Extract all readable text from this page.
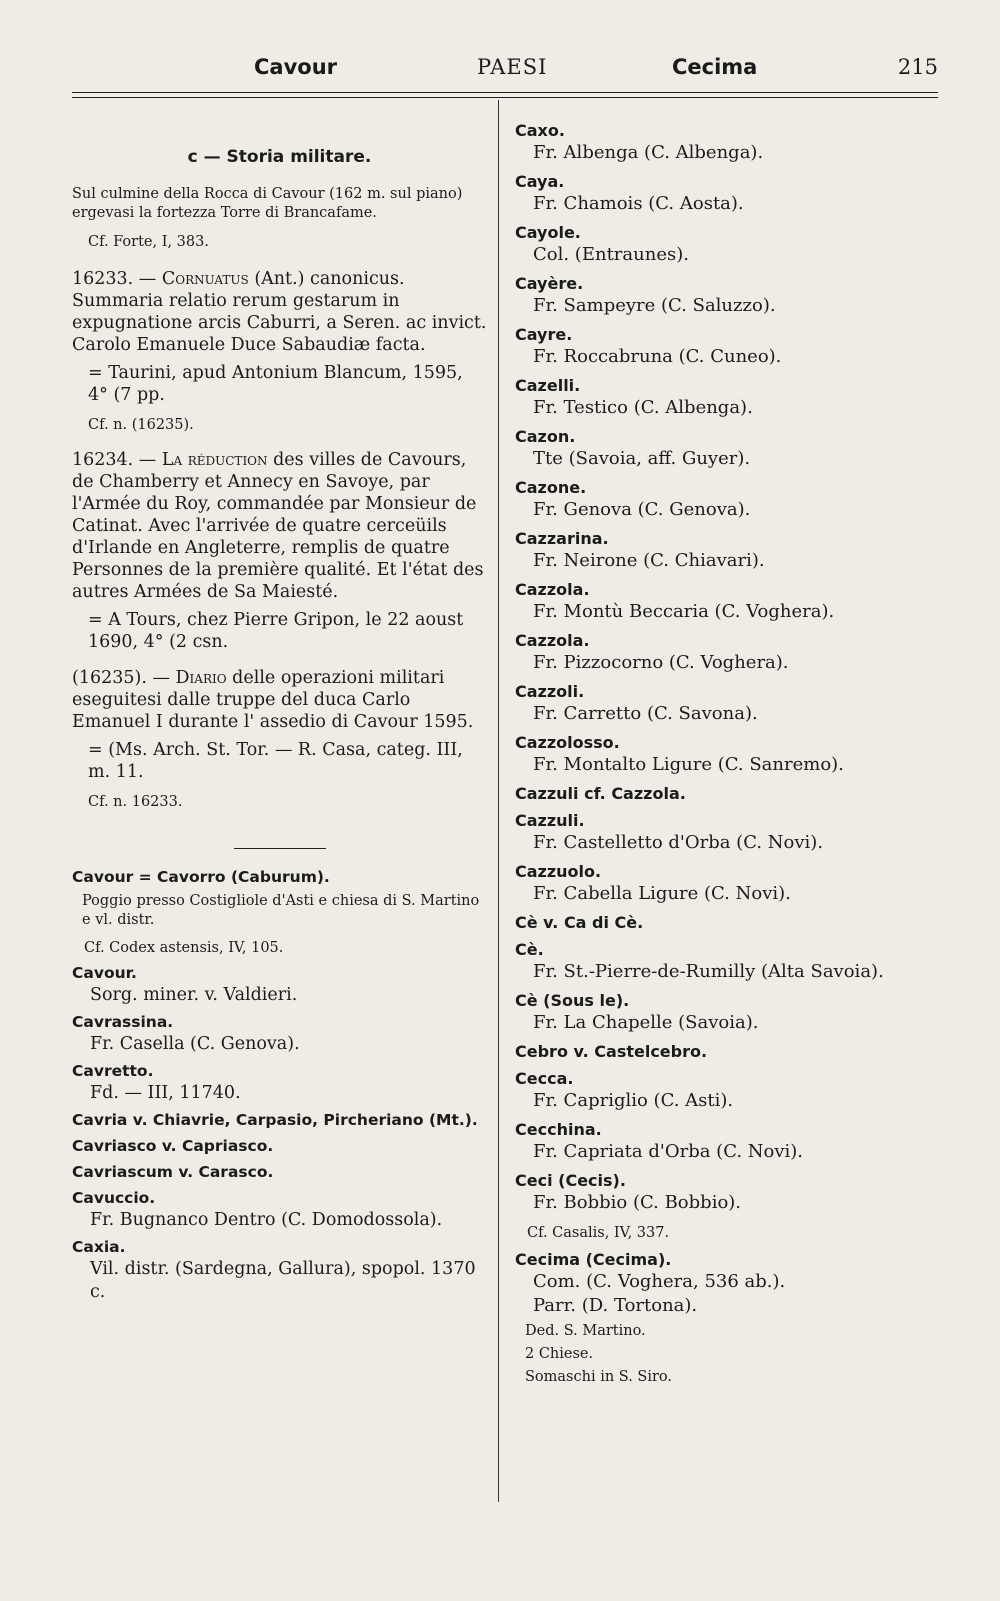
Cavour	PAESI	Cecima	215
c — Storia militare.

Sul culmine della Rocca di Cavour (162 m. sul piano) ergevasi la fortezza Torre di Brancafame.

Cf. Forte, I, 383.

16233. — Cornuatus (Ant.) canonicus. Summaria relatio rerum gestarum in expugnatione arcis Caburri, a Seren. ac invict. Carolo Emanuele Duce Sabaudiæ facta.

= Taurini, apud Antonium Blancum, 1595, 4° (7 pp.

Cf. n. (16235).

16234. — La réduction des villes de Cavours, de Chamberry et Annecy en Savoye, par l'Armée du Roy, commandée par Monsieur de Catinat. Avec l'arrivée de quatre cerceüils d'Irlande en Angleterre, remplis de quatre Personnes de la première qualité. Et l'état des autres Armées de Sa Maiesté.

= A Tours, chez Pierre Gripon, le 22 aoust 1690, 4° (2 csn.

(16235). — Diario delle operazioni militari eseguitesi dalle truppe del duca Carlo Emanuel I durante l' assedio di Cavour 1595.

= (Ms. Arch. St. Tor. — R. Casa, categ. III, m. 11.

Cf. n. 16233.

Cavour = Cavorro (Caburum).

Poggio presso Costigliole d'Asti e chiesa di S. Martino e vl. distr.

Cf. Codex astensis, IV, 105.

Cavour.

Sorg. miner. v. Valdieri.

Cavrassina.

Fr. Casella (C. Genova).

Cavretto.

Fd. — III, 11740.

Cavria v. Chiavrie, Carpasio, Pircheriano (Mt.).

Cavriasco v. Capriasco.

Cavriascum v. Carasco.

Cavuccio.

Fr. Bugnanco Dentro (C. Domodossola).

Caxia.

Vil. distr. (Sardegna, Gallura), spopol. 1370 c.

Caxo.

Fr. Albenga (C. Albenga).

Caya.

Fr. Chamois (C. Aosta).

Cayole.

Col. (Entraunes).

Cayère.

Fr. Sampeyre (C. Saluzzo).

Cayre.

Fr. Roccabruna (C. Cuneo).

Cazelli.

Fr. Testico (C. Albenga).

Cazon.

Tte (Savoia, aff. Guyer).

Cazone.

Fr. Genova (C. Genova).

Cazzarina.

Fr. Neirone (C. Chiavari).

Cazzola.

Fr. Montù Beccaria (C. Voghera).

Cazzola.

Fr. Pizzocorno (C. Voghera).

Cazzoli.

Fr. Carretto (C. Savona).

Cazzolosso.

Fr. Montalto Ligure (C. Sanremo).

Cazzuli cf. Cazzola.

Cazzuli.

Fr. Castelletto d'Orba (C. Novi).

Cazzuolo.

Fr. Cabella Ligure (C. Novi).

Cè v. Ca di Cè.

Cè.

Fr. St.-Pierre-de-Rumilly (Alta Savoia).

Cè (Sous le).

Fr. La Chapelle (Savoia).

Cebro v. Castelcebro.

Cecca.

Fr. Capriglio (C. Asti).

Cecchina.

Fr. Capriata d'Orba (C. Novi).

Ceci (Cecis).

Fr. Bobbio (C. Bobbio).

Cf. Casalis, IV, 337.

Cecima (Cecima).

Com. (C. Voghera, 536 ab.).

Parr. (D. Tortona).

Ded. S. Martino.

2 Chiese.

Somaschi in S. Siro.
